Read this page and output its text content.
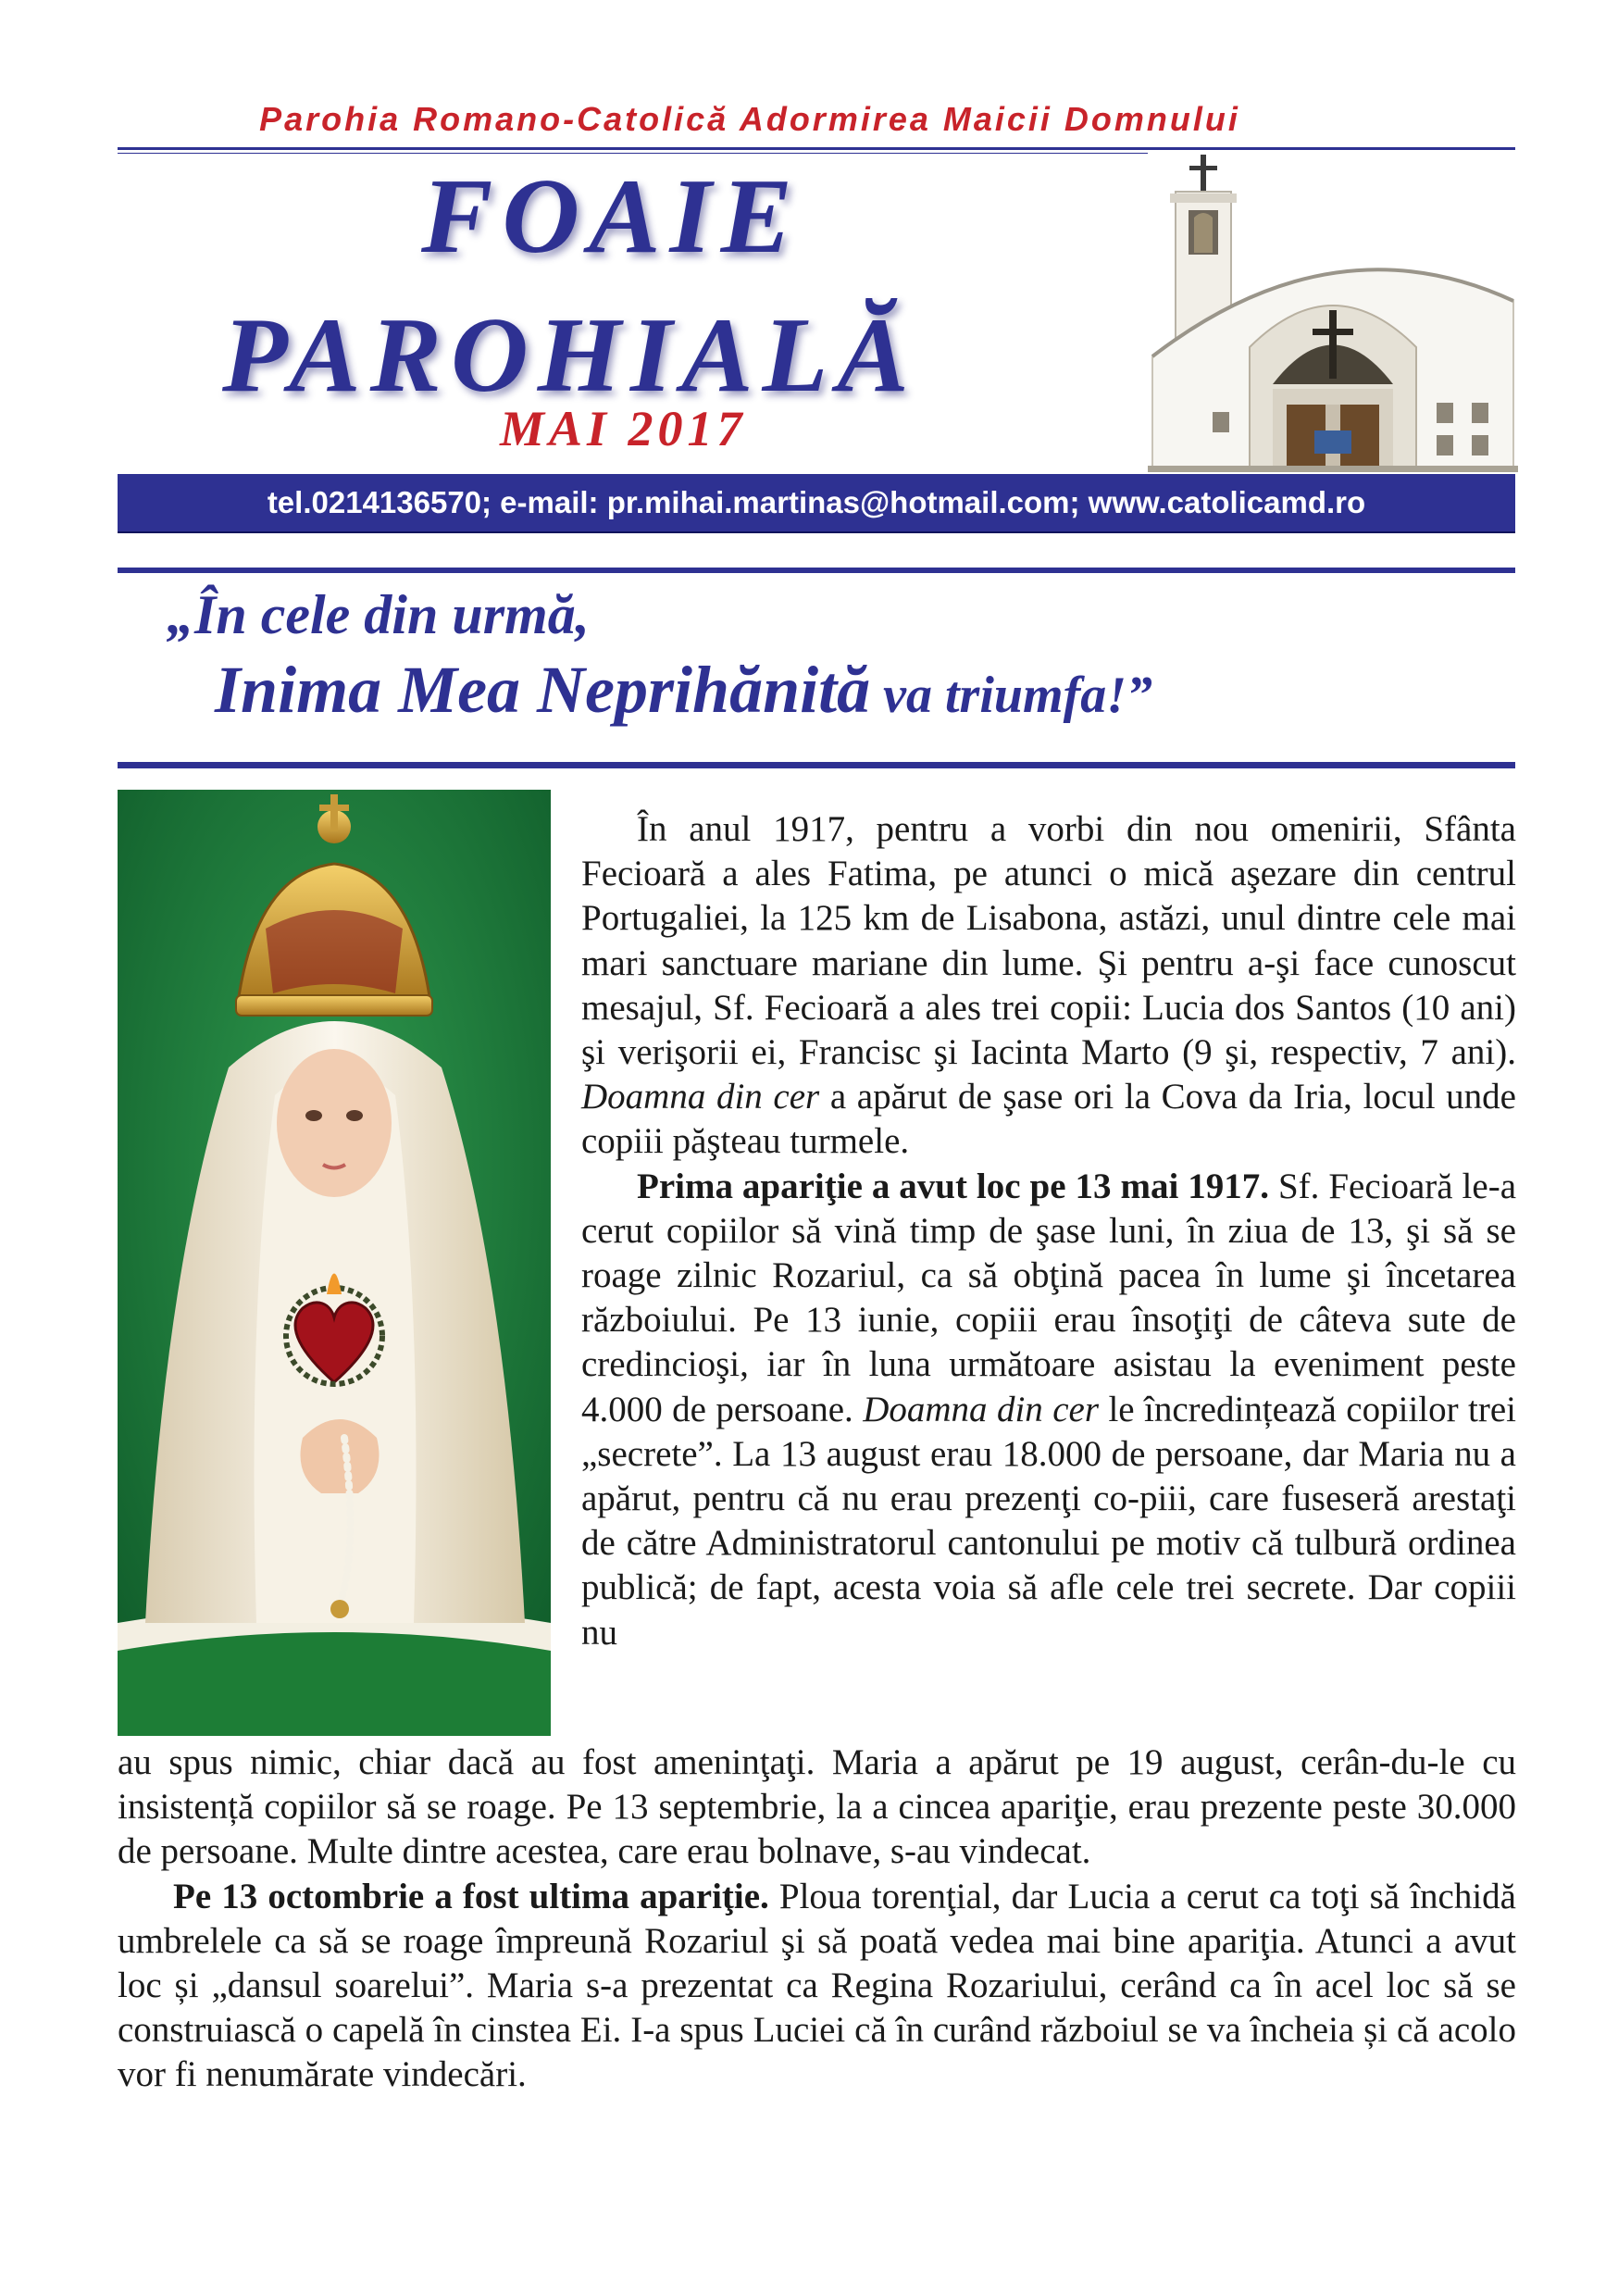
Parohia Romano-Catolică Adormirea Maicii Domnului
FOAIE
PAROHIALĂ
MAI 2017
tel.0214136570; e-mail: pr.mihai.martinas@hotmail.com; www.catolicamd.ro
„În cele din urmă,
Inima Mea Neprihănită va triumfa!”

În anul 1917, pentru a vorbi din nou omenirii, Sfânta Fecioară a ales Fatima, pe atunci o mică aşezare din centrul Portugaliei, la 125 km de Lisabona, astăzi, unul dintre cele mai mari sanctuare mariane din lume. Şi pentru a-şi face cunoscut mesajul, Sf. Fecioară a ales trei copii: Lucia dos Santos (10 ani) şi verişorii ei, Francisc şi Iacinta Marto (9 şi, respectiv, 7 ani). Doamna din cer a apărut de şase ori la Cova da Iria, locul unde copiii păşteau turmele.

Prima apariţie a avut loc pe 13 mai 1917. Sf. Fecioară le-a cerut copiilor să vină timp de şase luni, în ziua de 13, şi să se roage zilnic Rozariul, ca să obţină pacea în lume şi încetarea războiului. Pe 13 iunie, copiii erau însoţiţi de câteva sute de credincioşi, iar în luna următoare asistau la eveniment peste 4.000 de persoane. Doamna din cer le încredințează copiilor trei „secrete”. La 13 august erau 18.000 de persoane, dar Maria nu a apărut, pentru că nu erau prezenţi co-piii, care fuseseră arestaţi de către Administratorul cantonului pe motiv că tulbură ordinea publică; de fapt, acesta voia să afle cele trei secrete. Dar copiii nu

au spus nimic, chiar dacă au fost ameninţaţi. Maria a apărut pe 19 august, cerân-du-le cu insistență copiilor să se roage. Pe 13 septembrie, la a cincea apariţie, erau prezente peste 30.000 de persoane. Multe dintre acestea, care erau bolnave, s-au vindecat.

Pe 13 octombrie a fost ultima apariţie. Ploua torenţial, dar Lucia a cerut ca toţi să închidă umbrelele ca să se roage împreună Rozariul şi să poată vedea mai bine apariţia. Atunci a avut loc și „dansul soarelui”. Maria s-a prezentat ca Regina Rozariului, cerând ca în acel loc să se construiască o capelă în cinstea Ei. I-a spus Luciei că în curând războiul se va încheia și că acolo vor fi nenumărate vindecări.
